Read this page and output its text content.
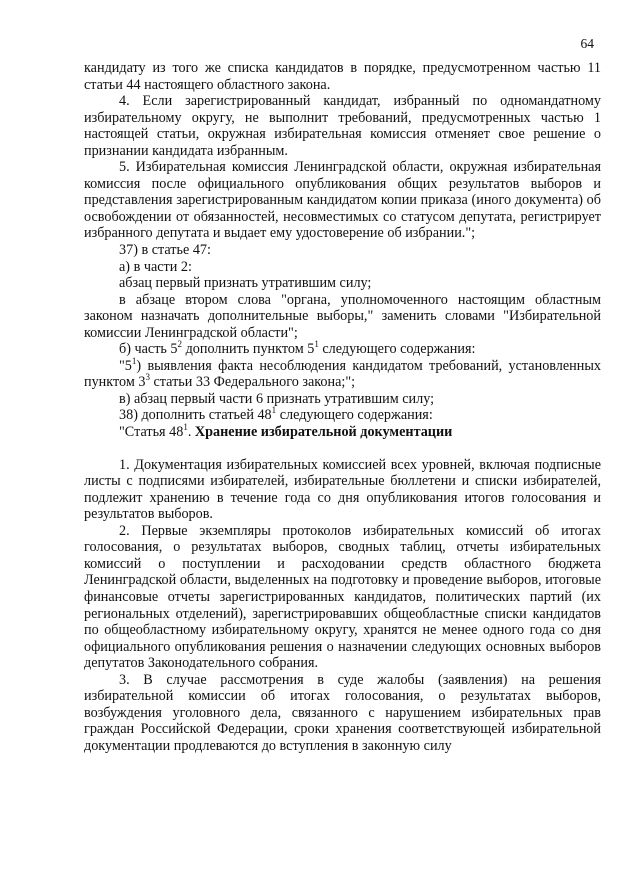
64

кандидату из того же списка кандидатов в порядке, предусмотренном частью 11 статьи 44 настоящего областного закона.

4. Если зарегистрированный кандидат, избранный по одномандатному избирательному округу, не выполнит требований, предусмотренных частью 1 настоящей статьи, окружная избирательная комиссия отменяет свое решение о признании кандидата избранным.

5. Избирательная комиссия Ленинградской области, окружная избирательная комиссия после официального опубликования общих результатов выборов и представления зарегистрированным кандидатом копии приказа (иного документа) об освобождении от обязанностей, несовместимых со статусом депутата, регистрирует избранного депутата и выдает ему удостоверение об избрании.";

37) в статье 47:

а) в части 2:

абзац первый признать утратившим силу;

в абзаце втором слова "органа, уполномоченного настоящим областным законом назначать дополнительные выборы," заменить словами "Избирательной комиссии Ленинградской области";

б) часть $5^2$ дополнить пунктом $5^1$ следующего содержания:

"$5^1$) выявления факта несоблюдения кандидатом требований, установленных пунктом $3^3$ статьи 33 Федерального закона;";

в) абзац первый части 6 признать утратившим силу;

38) дополнить статьей $48^1$ следующего содержания:

"Статья $48^1$. Хранение избирательной документации

1. Документация избирательных комиссией всех уровней, включая подписные листы с подписями избирателей, избирательные бюллетени и списки избирателей, подлежит хранению в течение года со дня опубликования итогов голосования и результатов выборов.

2. Первые экземпляры протоколов избирательных комиссий об итогах голосования, о результатах выборов, сводных таблиц, отчеты избирательных комиссий о поступлении и расходовании средств областного бюджета Ленинградской области, выделенных на подготовку и проведение выборов, итоговые финансовые отчеты зарегистрированных кандидатов, политических партий (их региональных отделений), зарегистрировавших общеобластные списки кандидатов по общеобластному избирательному округу, хранятся не менее одного года со дня официального опубликования решения о назначении следующих основных выборов депутатов Законодательного собрания.

3. В случае рассмотрения в суде жалобы (заявления) на решения избирательной комиссии об итогах голосования, о результатах выборов, возбуждения уголовного дела, связанного с нарушением избирательных прав граждан Российской Федерации, сроки хранения соответствующей избирательной документации продлеваются до вступления в законную силу
